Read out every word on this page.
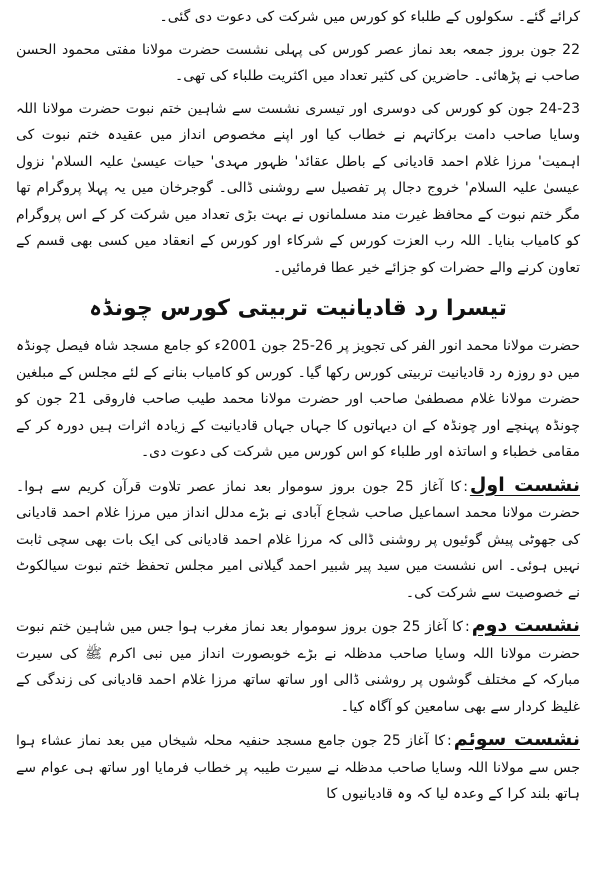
کرائے گئے۔ سکولوں کے طلباء کو کورس میں شرکت کی دعوت دی گئی۔

22 جون بروز جمعہ بعد نماز عصر کورس کی پہلی نشست حضرت مولانا مفتی محمود الحسن صاحب نے پڑھائی۔ حاضرین کی کثیر تعداد میں اکثریت طلباء کی تھی۔

24-23 جون کو کورس کی دوسری اور تیسری نشست سے شاہین ختم نبوت حضرت مولانا اللہ وسایا صاحب دامت برکاتہم نے خطاب کیا اور اپنے مخصوص انداز میں عقیدہ ختم نبوت کی اہمیت' مرزا غلام احمد قادیانی کے باطل عقائد' ظہور مہدی' حیات عیسیٰ علیہ السلام' نزول عیسیٰ علیہ السلام' خروج دجال پر تفصیل سے روشنی ڈالی۔ گوجرخان میں یہ پہلا پروگرام تھا مگر ختم نبوت کے محافظ غیرت مند مسلمانوں نے بہت بڑی تعداد میں شرکت کر کے اس پروگرام کو کامیاب بنایا۔ اللہ رب العزت کورس کے شرکاء اور کورس کے انعقاد میں کسی بھی قسم کے تعاون کرنے والے حضرات کو جزائے خیر عطا فرمائیں۔

تیسرا رد قادیانیت تربیتی کورس چونڈہ

حضرت مولانا محمد انور الفر کی تجویز پر 26-25 جون 2001ء کو جامع مسجد شاہ فیصل چونڈہ میں دو روزہ رد قادیانیت تربیتی کورس رکھا گیا۔ کورس کو کامیاب بنانے کے لئے مجلس کے مبلغین حضرت مولانا غلام مصطفیٰ صاحب اور حضرت مولانا محمد طیب صاحب فاروقی 21 جون کو چونڈہ پہنچے اور چونڈہ کے ان دیہاتوں کا جہاں جہاں قادیانیت کے زیادہ اثرات ہیں دورہ کر کے مقامی خطباء و اساتذہ اور طلباء کو اس کورس میں شرکت کی دعوت دی۔

نشست اول:کا آغاز 25 جون بروز سوموار بعد نماز عصر تلاوت قرآن کریم سے ہوا۔ حضرت مولانا محمد اسماعیل صاحب شجاع آبادی نے بڑے مدلل انداز میں مرزا غلام احمد قادیانی کی جھوٹی پیش گوئیوں پر روشنی ڈالی کہ مرزا غلام احمد قادیانی کی ایک بات بھی سچی ثابت نہیں ہوئی۔ اس نشست میں سید پیر شبیر احمد گیلانی امیر مجلس تحفظ ختم نبوت سیالکوٹ نے خصوصیت سے شرکت کی۔

نشست دوم:کا آغاز 25 جون بروز سوموار بعد نماز مغرب ہوا جس میں شاہین ختم نبوت حضرت مولانا اللہ وسایا صاحب مدظلہ نے بڑے خوبصورت انداز میں نبی اکرم ﷺ کی سیرت مبارکہ کے مختلف گوشوں پر روشنی ڈالی اور ساتھ ساتھ مرزا غلام احمد قادیانی کی زندگی کے غلیظ کردار سے بھی سامعین کو آگاہ کیا۔

نشست سوئم:کا آغاز 25 جون جامع مسجد حنفیہ محلہ شیخاں میں بعد نماز عشاء ہوا جس سے مولانا اللہ وسایا صاحب مدظلہ نے سیرت طیبہ پر خطاب فرمایا اور ساتھ ہی عوام سے ہاتھ بلند کرا کے وعدہ لیا کہ وہ قادیانیوں کا
